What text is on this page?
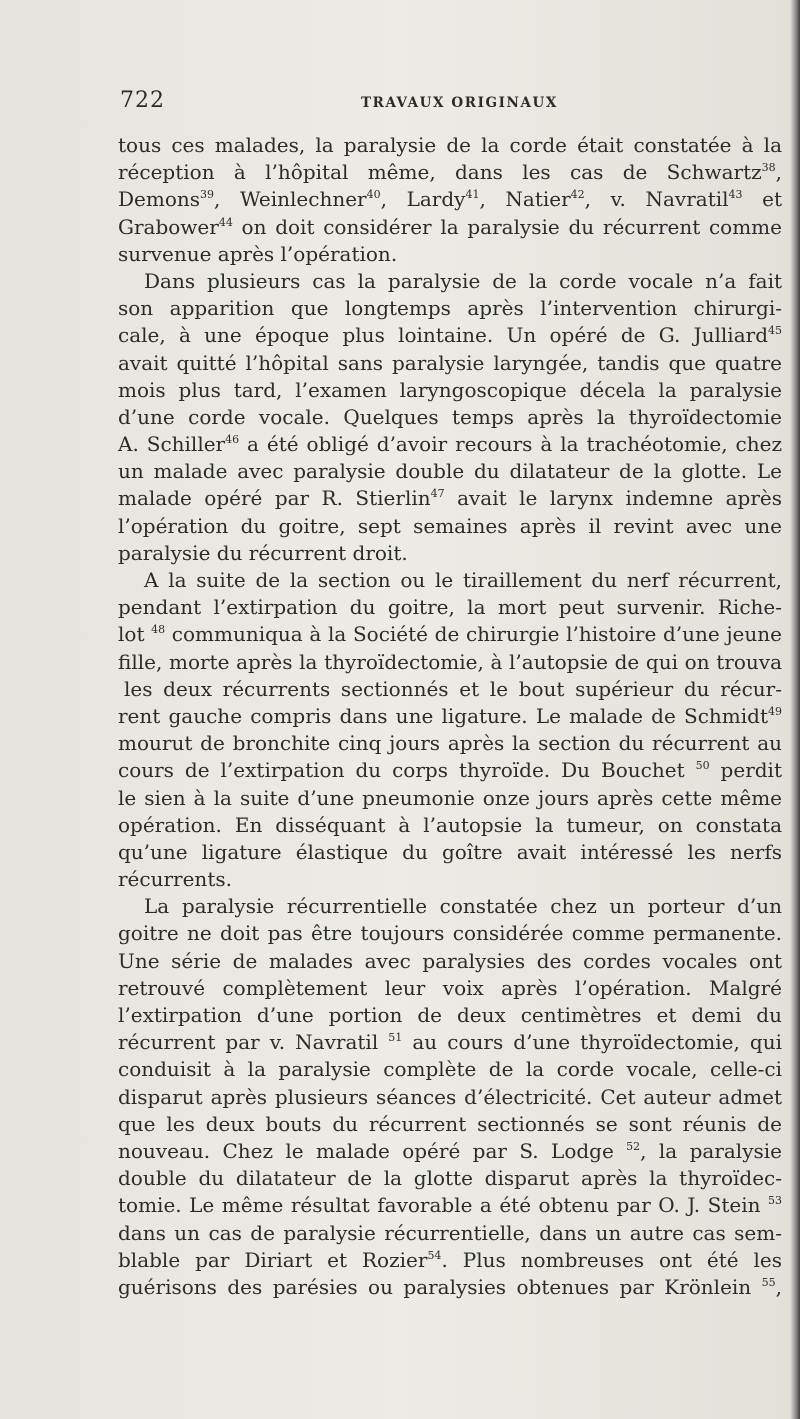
722	TRAVAUX ORIGINAUX
tous ces malades, la paralysie de la corde était constatée à la
réception à l’hôpital même, dans les cas de Schwartz$^{38}$,
Demons$^{39}$, Weinlechner$^{40}$, Lardy$^{41}$, Natier$^{42}$, v. Navratil$^{43}$ et
Grabower$^{44}$ on doit considérer la paralysie du récurrent comme
survenue après l’opération.
Dans plusieurs cas la paralysie de la corde vocale n’a fait
son apparition que longtemps après l’intervention chirurgi-
cale, à une époque plus lointaine. Un opéré de G. Julliard$^{45}$
avait quitté l’hôpital sans paralysie laryngée, tandis que quatre
mois plus tard, l’examen laryngoscopique décela la paralysie
d’une corde vocale. Quelques temps après la thyroïdectomie
A. Schiller$^{46}$ a été obligé d’avoir recours à la trachéotomie, chez
un malade avec paralysie double du dilatateur de la glotte. Le
malade opéré par R. Stierlin$^{47}$ avait le larynx indemne après
l’opération du goitre, sept semaines après il revint avec une
paralysie du récurrent droit.
A la suite de la section ou le tiraillement du nerf récurrent,
pendant l’extirpation du goitre, la mort peut survenir. Riche-
lot $^{48}$ communiqua à la Société de chirurgie l’histoire d’une jeune
fille, morte après la thyroïdectomie, à l’autopsie de qui on trouva
les deux récurrents sectionnés et le bout supérieur du récur-
rent gauche compris dans une ligature. Le malade de Schmidt$^{49}$
mourut de bronchite cinq jours après la section du récurrent au
cours de l’extirpation du corps thyroïde. Du Bouchet $^{50}$ perdit
le sien à la suite d’une pneumonie onze jours après cette même
opération. En disséquant à l’autopsie la tumeur, on constata
qu’une ligature élastique du goître avait intéressé les nerfs
récurrents.
La paralysie récurrentielle constatée chez un porteur d’un
goitre ne doit pas être toujours considérée comme permanente.
Une série de malades avec paralysies des cordes vocales ont
retrouvé complètement leur voix après l’opération. Malgré
l’extirpation d’une portion de deux centimètres et demi du
récurrent par v. Navratil $^{51}$ au cours d’une thyroïdectomie, qui
conduisit à la paralysie complète de la corde vocale, celle-ci
disparut après plusieurs séances d’électricité. Cet auteur admet
que les deux bouts du récurrent sectionnés se sont réunis de
nouveau. Chez le malade opéré par S. Lodge $^{52}$, la paralysie
double du dilatateur de la glotte disparut après la thyroïdec-
tomie. Le même résultat favorable a été obtenu par O. J. Stein $^{53}$
dans un cas de paralysie récurrentielle, dans un autre cas sem-
blable par Diriart et Rozier$^{54}$. Plus nombreuses ont été les
guérisons des parésies ou paralysies obtenues par Krönlein $^{55}$,
